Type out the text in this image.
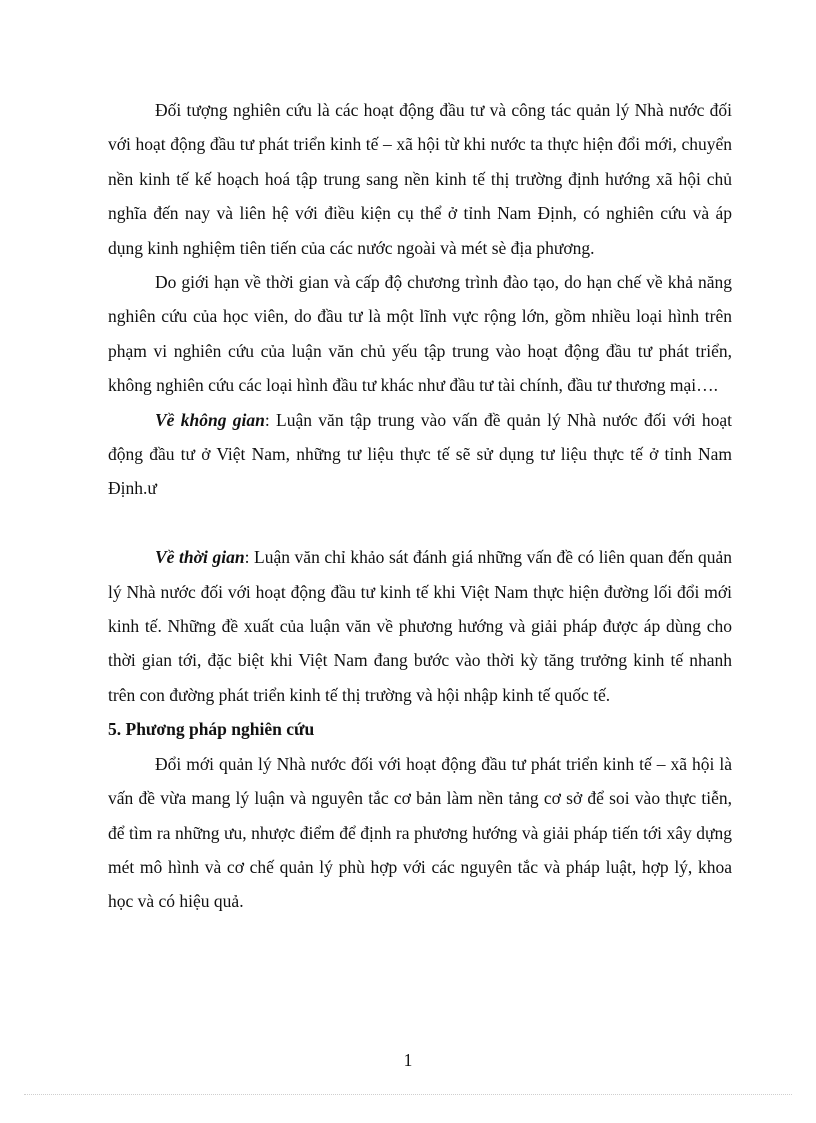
Đối tượng nghiên cứu là các hoạt động đầu tư và công tác quản lý Nhà nước đối với hoạt động đầu tư phát triển kinh tế – xã hội từ khi nước ta thực hiện đổi mới, chuyển nền kinh tế kế hoạch hoá tập trung sang nền kinh tế thị trường định hướng xã hội chủ nghĩa đến nay và liên hệ với điều kiện cụ thể ở tỉnh Nam Định, có nghiên cứu và áp dụng kinh nghiệm tiên tiến của các nước ngoài và mét sè địa phương.

Do giới hạn về thời gian và cấp độ chương trình đào tạo, do hạn chế về khả năng nghiên cứu của học viên, do đầu tư là một lĩnh vực rộng lớn, gồm nhiều loại hình trên phạm vi nghiên cứu của luận văn chủ yếu tập trung vào hoạt động đầu tư phát triển, không nghiên cứu các loại hình đầu tư khác như đầu tư tài chính, đầu tư thương mại….

Về không gian: Luận văn tập trung vào vấn đề quản lý Nhà nước đối với hoạt động đầu tư ở Việt Nam, những tư liệu thực tế sẽ sử dụng tư liệu thực tế ở tỉnh Nam Định.ư

Về thời gian: Luận văn chỉ khảo sát đánh giá những vấn đề có liên quan đến quản lý Nhà nước đối với hoạt động đầu tư kinh tế khi Việt Nam thực hiện đường lối đổi mới kinh tế. Những đề xuất của luận văn về phương hướng và giải pháp được áp dùng cho thời gian tới, đặc biệt khi Việt Nam đang bước vào thời kỳ tăng trưởng kinh tế nhanh trên con đường phát triển kinh tế thị trường và hội nhập kinh tế quốc tế.

5. Phương pháp nghiên cứu

Đổi mới quản lý Nhà nước đối với hoạt động đầu tư phát triển kinh tế – xã hội là vấn đề vừa mang lý luận và nguyên tắc cơ bản làm nền tảng cơ sở để soi vào thực tiễn, để tìm ra những ưu, nhược điểm để định ra phương hướng và giải pháp tiến tới xây dựng mét mô hình và cơ chế quản lý phù hợp với các nguyên tắc và pháp luật, hợp lý, khoa học và có hiệu quả.

1
